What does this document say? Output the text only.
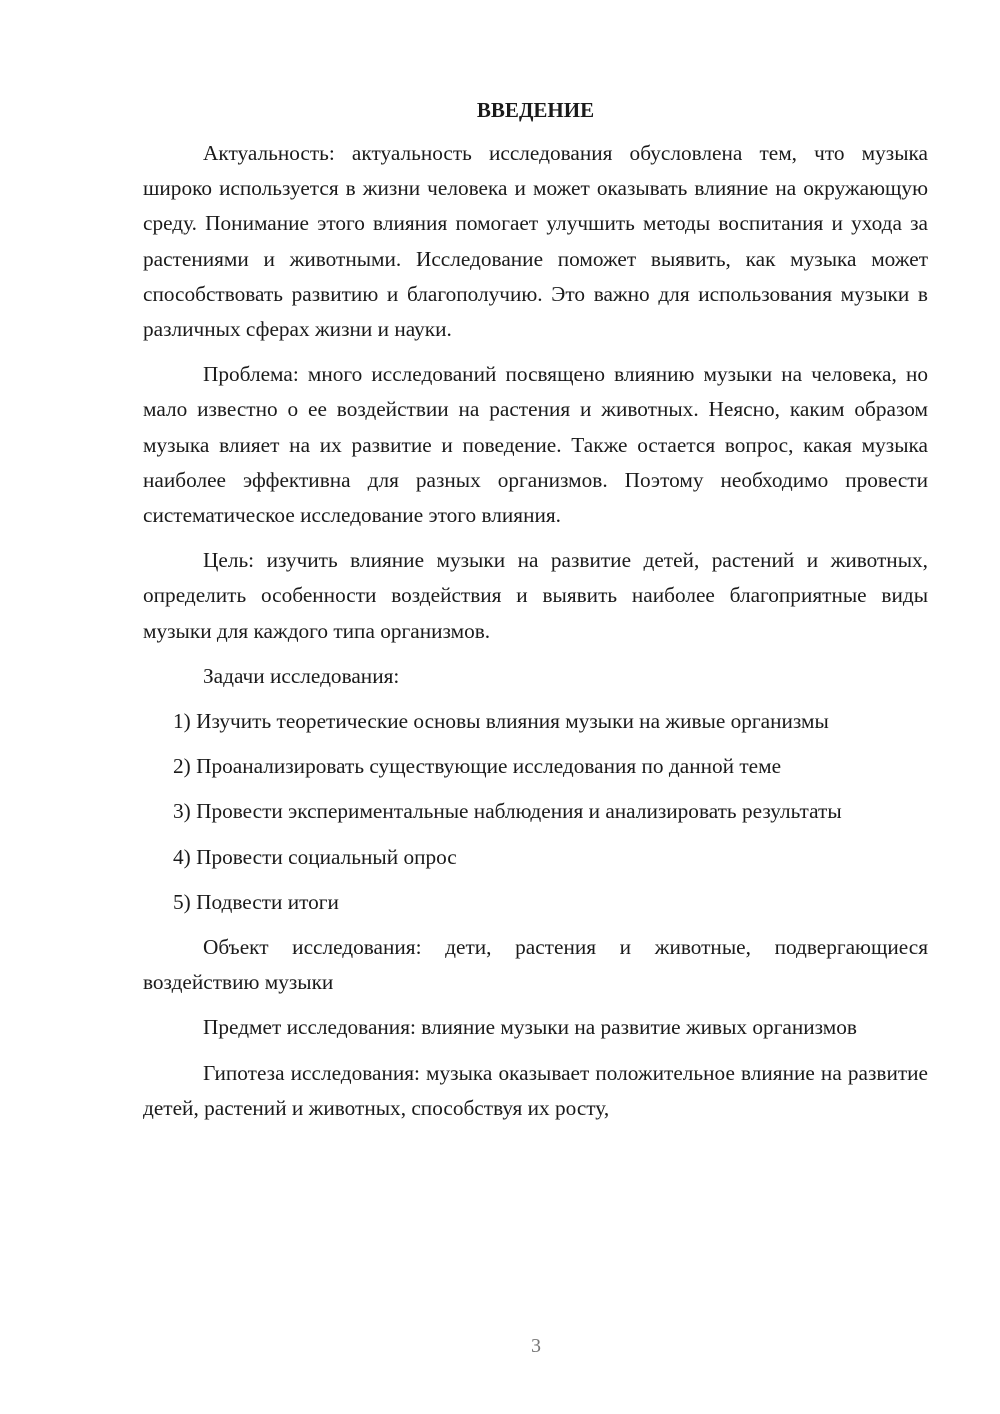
ВВЕДЕНИЕ

Актуальность: актуальность исследования обусловлена тем, что музыка широко используется в жизни человека и может оказывать влияние на окружающую среду. Понимание этого влияния помогает улучшить методы воспитания и ухода за растениями и животными. Исследование поможет выявить, как музыка может способствовать развитию и благополучию. Это важно для использования музыки в различных сферах жизни и науки.

Проблема: много исследований посвящено влиянию музыки на человека, но мало известно о ее воздействии на растения и животных. Неясно, каким образом музыка влияет на их развитие и поведение. Также остается вопрос, какая музыка наиболее эффективна для разных организмов. Поэтому необходимо провести систематическое исследование этого влияния.

Цель: изучить влияние музыки на развитие детей, растений и животных, определить особенности воздействия и выявить наиболее благоприятные виды музыки для каждого типа организмов.

Задачи исследования:

1) Изучить теоретические основы влияния музыки на живые организмы

2) Проанализировать существующие исследования по данной теме

3) Провести экспериментальные наблюдения и анализировать результаты

4) Провести социальный опрос

5) Подвести итоги

Объект исследования: дети, растения и животные, подвергающиеся воздействию музыки

Предмет исследования: влияние музыки на развитие живых организмов

Гипотеза исследования: музыка оказывает положительное влияние на развитие детей, растений и животных, способствуя их росту,

3
